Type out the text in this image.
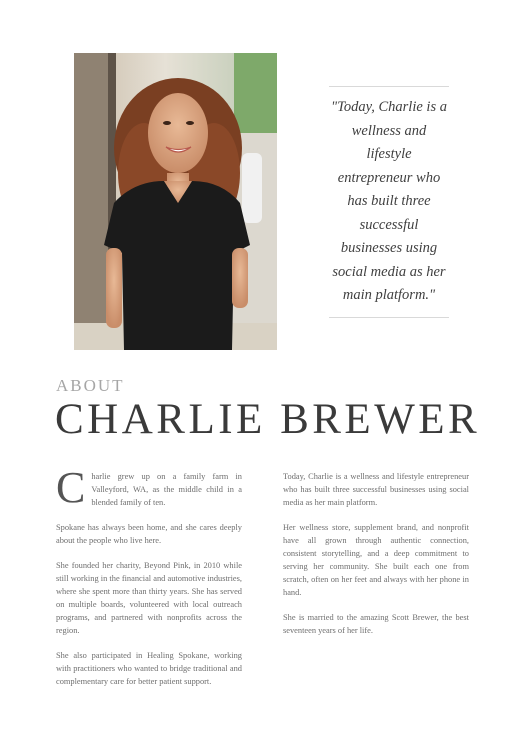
"Today, Charlie is a wellness and lifestyle entrepreneur who has built three successful businesses using social media as her main platform."

ABOUT

CHARLIE BREWER

Charlie grew up on a family farm in Valleyford, WA, as the middle child in a blended family of ten.

Spokane has always been home, and she cares deeply about the people who live here.

She founded her charity, Beyond Pink, in 2010 while still working in the financial and automotive industries, where she spent more than thirty years. She has served on multiple boards, volunteered with local outreach programs, and partnered with nonprofits across the region.

She also participated in Healing Spokane, working with practitioners who wanted to bridge traditional and complementary care for better patient support.

Today, Charlie is a wellness and lifestyle entrepreneur who has built three successful businesses using social media as her main platform.

Her wellness store, supplement brand, and nonprofit have all grown through authentic connection, consistent storytelling, and a deep commitment to serving her community. She built each one from scratch, often on her feet and always with her phone in hand.

She is married to the amazing Scott Brewer, the best seventeen years of her life.
